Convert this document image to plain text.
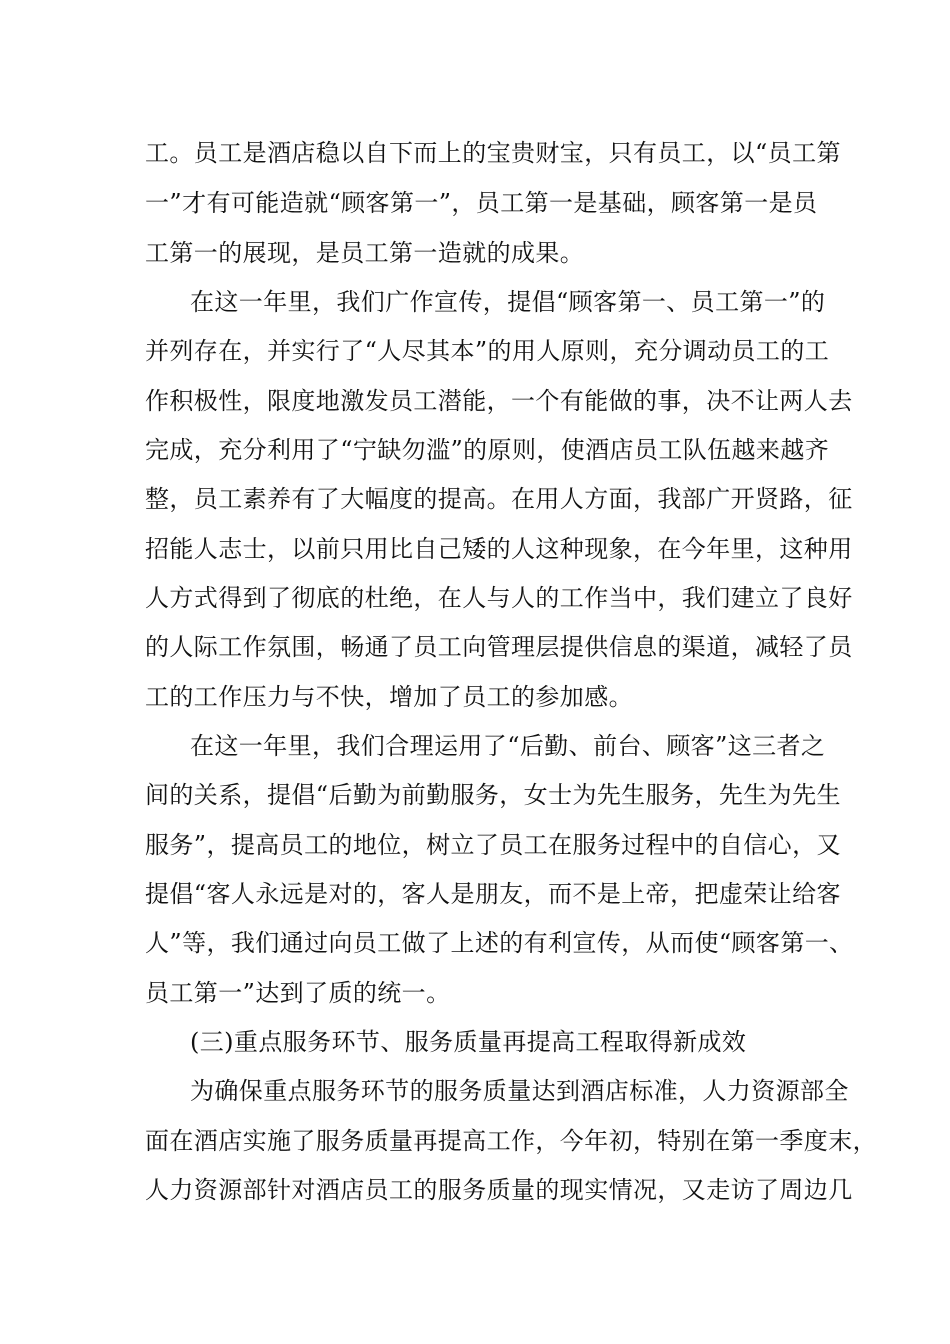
工。员工是酒店稳以自下而上的宝贵财宝，只有员工，以“员工第
一”才有可能造就“顾客第一”，员工第一是基础，顾客第一是员
工第一的展现，是员工第一造就的成果。
在这一年里，我们广作宣传，提倡“顾客第一、员工第一”的
并列存在，并实行了“人尽其本”的用人原则，充分调动员工的工
作积极性，限度地激发员工潜能，一个有能做的事，决不让两人去
完成，充分利用了“宁缺勿滥”的原则，使酒店员工队伍越来越齐
整，员工素养有了大幅度的提高。在用人方面，我部广开贤路，征
招能人志士，以前只用比自己矮的人这种现象，在今年里，这种用
人方式得到了彻底的杜绝，在人与人的工作当中，我们建立了良好
的人际工作氛围，畅通了员工向管理层提供信息的渠道，减轻了员
工的工作压力与不快，增加了员工的参加感。
在这一年里，我们合理运用了“后勤、前台、顾客”这三者之
间的关系，提倡“后勤为前勤服务，女士为先生服务，先生为先生
服务”，提高员工的地位，树立了员工在服务过程中的自信心，又
提倡“客人永远是对的，客人是朋友，而不是上帝，把虚荣让给客
人”等，我们通过向员工做了上述的有利宣传，从而使“顾客第一、
员工第一”达到了质的统一。
(三)重点服务环节、服务质量再提高工程取得新成效
为确保重点服务环节的服务质量达到酒店标准，人力资源部全
面在酒店实施了服务质量再提高工作，今年初，特别在第一季度末，
人力资源部针对酒店员工的服务质量的现实情况，又走访了周边几
